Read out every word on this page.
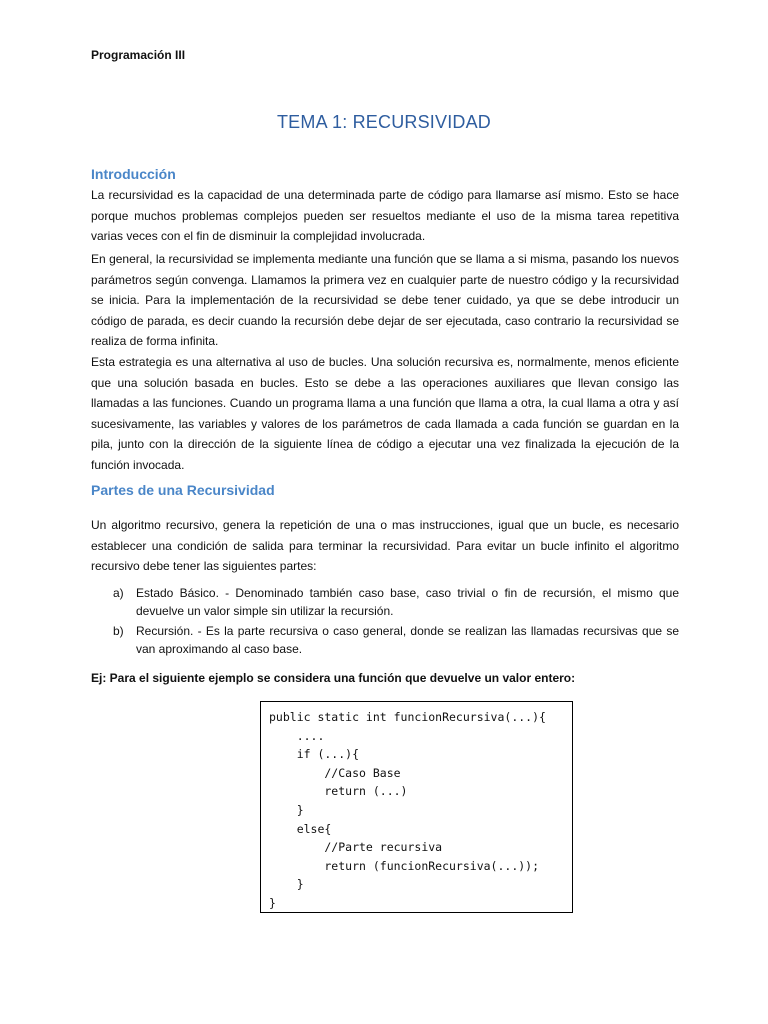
Programación III
TEMA 1: RECURSIVIDAD
Introducción

La recursividad es la capacidad de una determinada parte de código para llamarse así mismo. Esto se hace porque muchos problemas complejos pueden ser resueltos mediante el uso de la misma tarea repetitiva varias veces con el fin de disminuir la complejidad involucrada.

En general, la recursividad se implementa mediante una función que se llama a si misma, pasando los nuevos parámetros según convenga. Llamamos la primera vez en cualquier parte de nuestro código y la recursividad se inicia. Para la implementación de la recursividad se debe tener cuidado, ya que se debe introducir un código de parada, es decir cuando la recursión debe dejar de ser ejecutada, caso contrario la recursividad se realiza de forma infinita.

Esta estrategia es una alternativa al uso de bucles. Una solución recursiva es, normalmente, menos eficiente que una solución basada en bucles. Esto se debe a las operaciones auxiliares que llevan consigo las llamadas a las funciones. Cuando un programa llama a una función que llama a otra, la cual llama a otra y así sucesivamente, las variables y valores de los parámetros de cada llamada a cada función se guardan en la pila, junto con la dirección de la siguiente línea de código a ejecutar una vez finalizada la ejecución de la función invocada.

Partes de una Recursividad

Un algoritmo recursivo, genera la repetición de una o mas instrucciones, igual que un bucle, es necesario establecer una condición de salida para terminar la recursividad. Para evitar un bucle infinito el algoritmo recursivo debe tener las siguientes partes:

a) Estado Básico. - Denominado también caso base, caso trivial o fin de recursión, el mismo que devuelve un valor simple sin utilizar la recursión.
b) Recursión. - Es la parte recursiva o caso general, donde se realizan las llamadas recursivas que se van aproximando al caso base.

Ej: Para el siguiente ejemplo se considera una función que devuelve un valor entero:

public static int funcionRecursiva(...){
....
if (...){
//Caso Base
return (...)
}
else{
//Parte recursiva
return (funcionRecursiva(...));
}
}
